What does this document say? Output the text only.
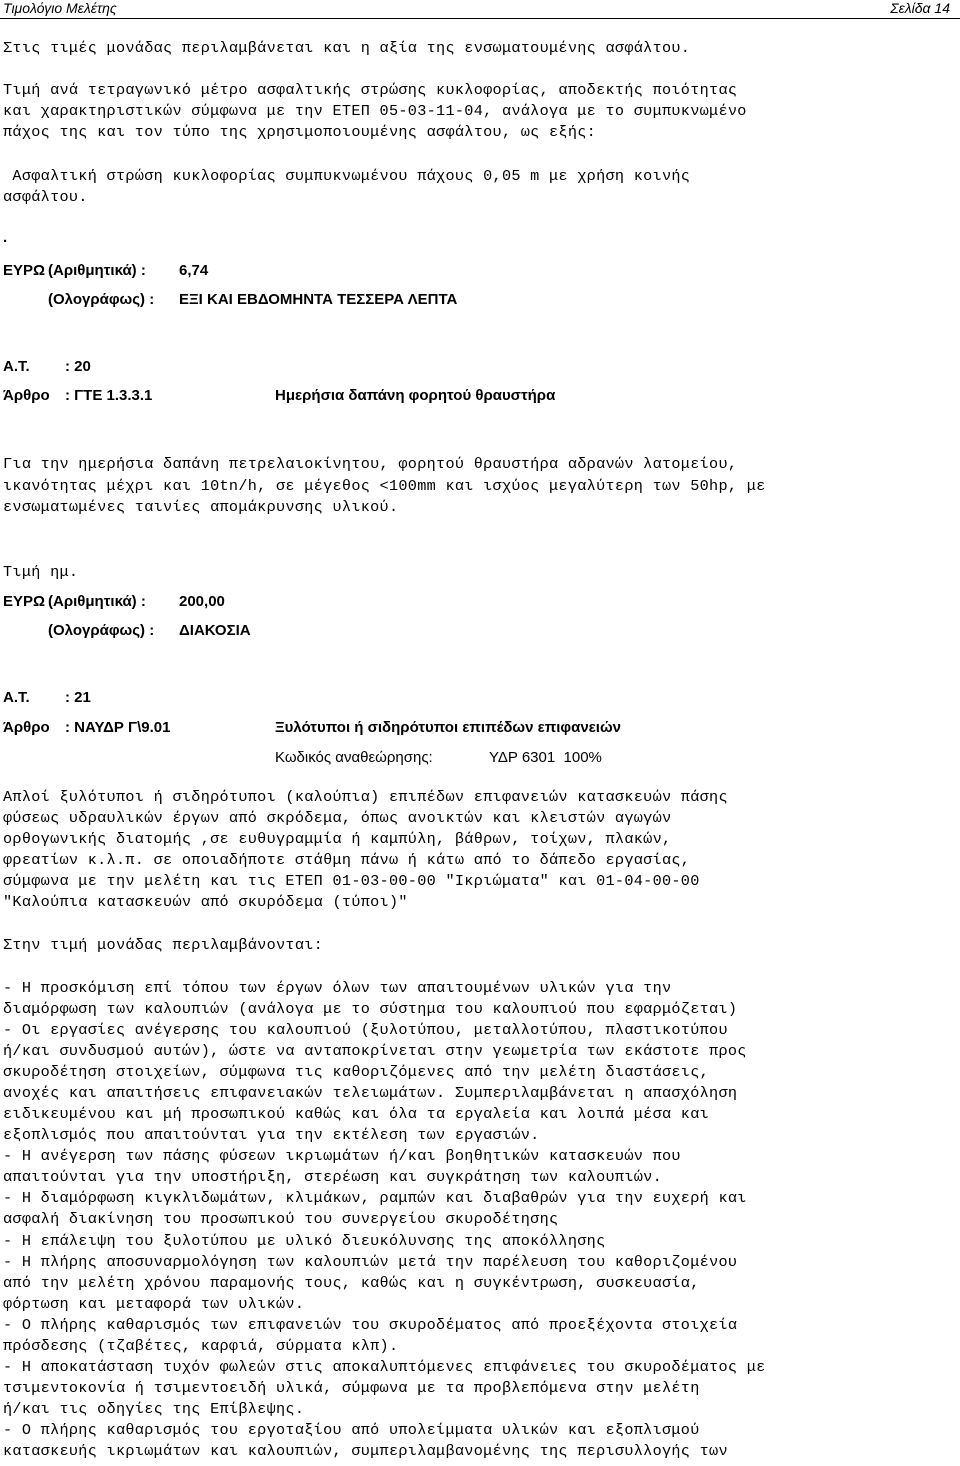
Τιμολόγιο Μελέτης	Σελίδα 14
Στις τιμές μονάδας περιλαμβάνεται και η αξία της ενσωματουμένης ασφάλτου.
Τιμή ανά τετραγωνικό μέτρο ασφαλτικής στρώσης κυκλοφορίας, αποδεκτής ποιότητας
και χαρακτηριστικών σύμφωνα με την ΕΤΕΠ 05-03-11-04, ανάλογα με το συμπυκνωμένο
πάχος της και τον τύπο της χρησιμοποιουμένης ασφάλτου, ως εξής:
Ασφαλτική στρώση κυκλοφορίας συμπυκνωμένου πάχους 0,05 m με χρήση κοινής
ασφάλτου.
.
ΕΥΡΩ (Αριθμητικά) : 6,74
(Ολογράφως) : ΕΞΙ ΚΑΙ ΕΒΔΟΜΗΝΤΑ ΤΕΣΣΕΡΑ ΛΕΠΤΑ
Α.Τ. : 20
Άρθρο : ΓΤΕ 1.3.3.1	Ημερήσια δαπάνη φορητού θραυστήρα
Για την ημερήσια δαπάνη πετρελαιοκίνητου, φορητού θραυστήρα αδρανών λατομείου,
ικανότητας μέχρι και 10tn/h, σε μέγεθος <100mm και ισχύος μεγαλύτερη των 50hp, με
ενσωματωμένες ταινίες απομάκρυνσης υλικού.
Τιμή ημ.
ΕΥΡΩ (Αριθμητικά) : 200,00
(Ολογράφως) : ΔΙΑΚΟΣΙΑ
Α.Τ. : 21
Άρθρο : ΝΑΥΔΡ Γ\9.01	Ξυλότυποι ή σιδηρότυποι επιπέδων επιφανειών
Κωδικός αναθεώρησης:	ΥΔΡ 6301  100%
Απλοί ξυλότυποι ή σιδηρότυποι (καλούπια) επιπέδων επιφανειών κατασκευών πάσης
φύσεως υδραυλικών έργων από σκρόδεμα, όπως ανοικτών και κλειστών αγωγών
ορθογωνικής διατομής ,σε ευθυγραμμία ή καμπύλη, βάθρων, τοίχων, πλακών,
φρεατίων κ.λ.π. σε οποιαδήποτε στάθμη πάνω ή κάτω από το δάπεδο εργασίας,
σύμφωνα με την μελέτη και τις ΕΤΕΠ 01-03-00-00 "Ικριώματα" και 01-04-00-00
"Καλούπια κατασκευών από σκυρόδεμα (τύποι)"
Στην τιμή μονάδας περιλαμβάνονται:
- Η προσκόμιση επί τόπου των έργων όλων των απαιτουμένων υλικών για την
διαμόρφωση των καλουπιών (ανάλογα με το σύστημα του καλουπιού που εφαρμόζεται)
- Οι εργασίες ανέγερσης του καλουπιού (ξυλοτύπου, μεταλλοτύπου, πλαστικοτύπου
ή/και συνδυσμού αυτών), ώστε να ανταποκρίνεται στην γεωμετρία των εκάστοτε προς
σκυροδέτηση στοιχείων, σύμφωνα τις καθοριζόμενες από την μελέτη διαστάσεις,
ανοχές και απαιτήσεις επιφανειακών τελειωμάτων. Συμπεριλαμβάνεται η απασχόληση
ειδικευμένου και μή προσωπικού καθώς και όλα τα εργαλεία και λοιπά μέσα και
εξοπλισμός που απαιτούνται για την εκτέλεση των εργασιών.
- Η ανέγερση των πάσης φύσεων ικριωμάτων ή/και βοηθητικών κατασκευών που
απαιτούνται για την υποστήριξη, στερέωση και συγκράτηση των καλουπιών.
- Η διαμόρφωση κιγκλιδωμάτων, κλιμάκων, ραμπών και διαβαθρών για την ευχερή και
ασφαλή διακίνηση του προσωπικού του συνεργείου σκυροδέτησης
- Η επάλειψη του ξυλοτύπου με υλικό διευκόλυνσης της αποκόλλησης
- Η πλήρης αποσυναρμολόγηση των καλουπιών μετά την παρέλευση του καθοριζομένου
από την μελέτη χρόνου παραμονής τους, καθώς και η συγκέντρωση, συσκευασία,
φόρτωση και μεταφορά των υλικών.
- Ο πλήρης καθαρισμός των επιφανειών του σκυροδέματος από προεξέχοντα στοιχεία
πρόσδεσης (τζαβέτες, καρφιά, σύρματα κλπ).
- Η αποκατάσταση τυχόν φωλεών στις αποκαλυπτόμενες επιφάνειες του σκυροδέματος με
τσιμεντοκονία ή τσιμεντοειδή υλικά, σύμφωνα με τα προβλεπόμενα στην μελέτη
ή/και τις οδηγίες της Επίβλεψης.
- Ο πλήρης καθαρισμός του εργοταξίου από υπολείμματα υλικών και εξοπλισμού
κατασκευής ικριωμάτων και καλουπιών, συμπεριλαμβανομένης της περισυλλογής των
